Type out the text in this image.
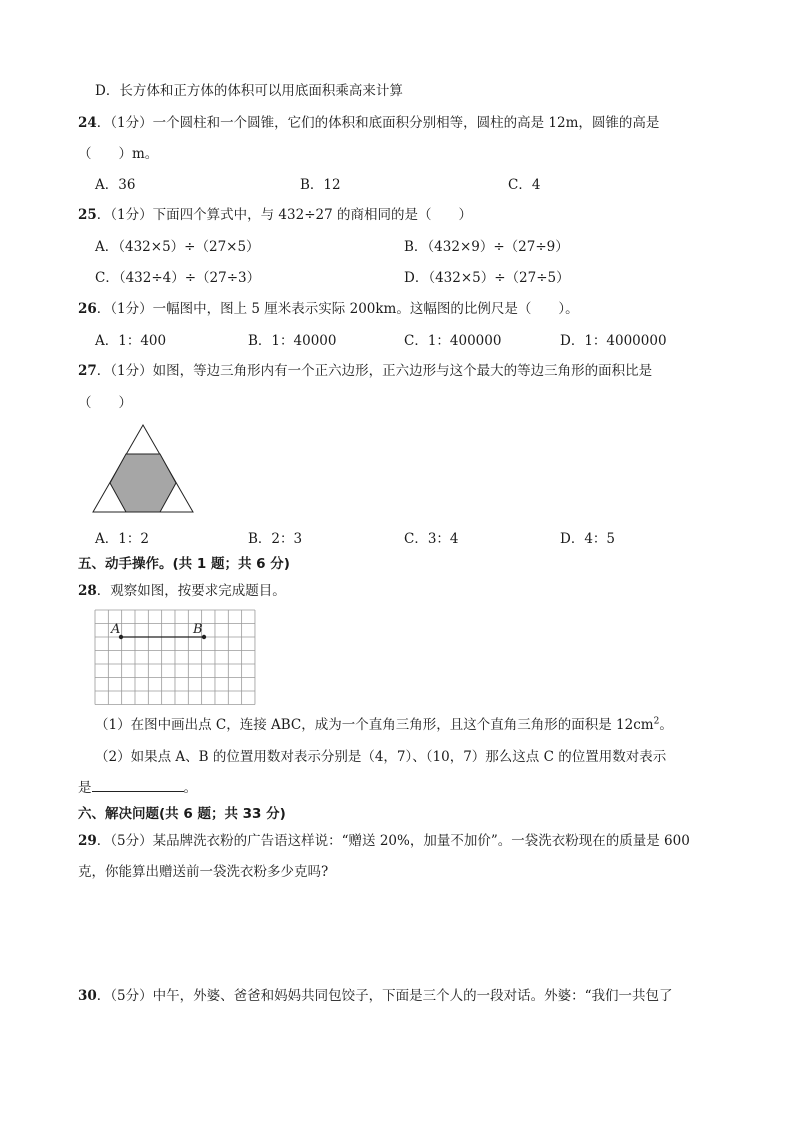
D．长方体和正方体的体积可以用底面积乘高来计算
24．（1分）一个圆柱和一个圆锥，它们的体积和底面积分别相等，圆柱的高是 12m，圆锥的高是
（　　）m。
A．36	B．12	C．4
25．（1分）下面四个算式中，与 432÷27 的商相同的是（　　）
A．（432×5）÷（27×5）	B．（432×9）÷（27÷9）
C．（432÷4）÷（27÷3）	D．（432×5）÷（27÷5）
26．（1分）一幅图中，图上 5 厘米表示实际 200km。这幅图的比例尺是（　　）。
A．1：400	B．1：40000	C．1：400000	D．1：4000000
27．（1分）如图，等边三角形内有一个正六边形，正六边形与这个最大的等边三角形的面积比是
（　　）
A．1：2	B．2：3	C．3：4	D．4：5
五、动手操作。(共 1 题；共 6 分)
28．观察如图，按要求完成题目。
A	B
（1）在图中画出点 C，连接 ABC，成为一个直角三角形，且这个直角三角形的面积是 $12cm^2$。
（2）如果点 A、B 的位置用数对表示分别是（4，7）、（10，7）那么这点 C 的位置用数对表示
是	。
六、解决问题(共 6 题；共 33 分)
29．（5分）某品牌洗衣粉的广告语这样说：“赠送 20%，加量不加价”。一袋洗衣粉现在的质量是 600
克，你能算出赠送前一袋洗衣粉多少克吗?
30．（5分）中午，外婆、爸爸和妈妈共同包饺子，下面是三个人的一段对话。外婆：“我们一共包了
